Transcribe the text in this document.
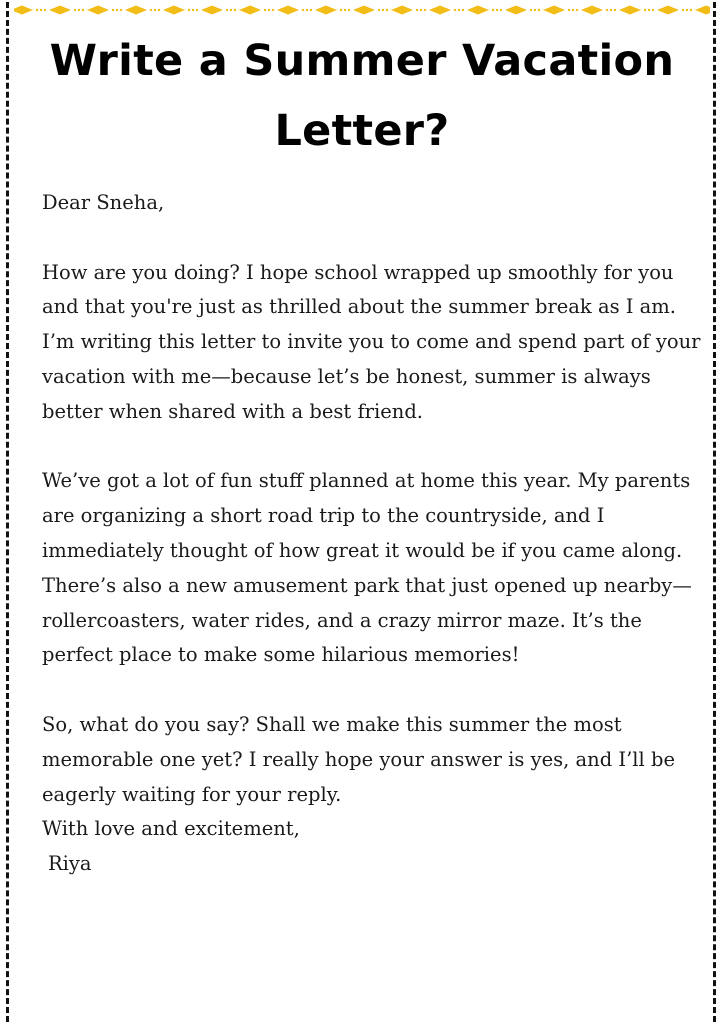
Write a Summer Vacation Letter?

Dear Sneha,

How are you doing? I hope school wrapped up smoothly for you and that you're just as thrilled about the summer break as I am. I’m writing this letter to invite you to come and spend part of your vacation with me—because let’s be honest, summer is always better when shared with a best friend.

We’ve got a lot of fun stuff planned at home this year. My parents are organizing a short road trip to the countryside, and I immediately thought of how great it would be if you came along. There’s also a new amusement park that just opened up nearby—rollercoasters, water rides, and a crazy mirror maze. It’s the perfect place to make some hilarious memories!

So, what do you say? Shall we make this summer the most memorable one yet? I really hope your answer is yes, and I’ll be eagerly waiting for your reply.

With love and excitement,

Riya
